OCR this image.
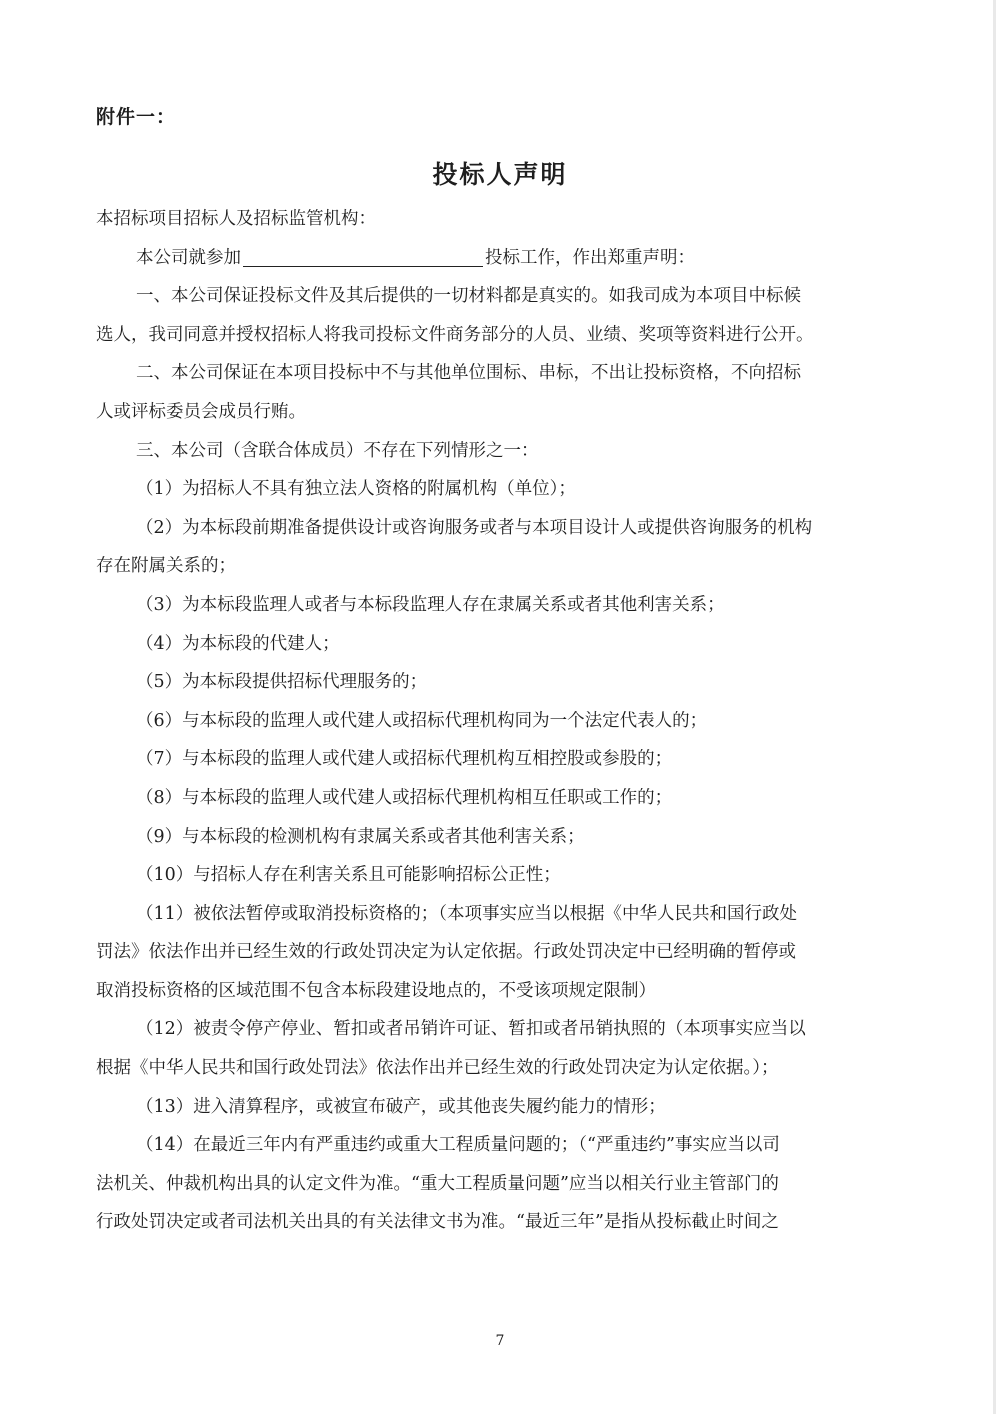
附件一：
投标人声明

本招标项目招标人及招标监管机构：

本公司就参加	投标工作，作出郑重声明：

一、本公司保证投标文件及其后提供的一切材料都是真实的。如我司成为本项目中标候

选人，我司同意并授权招标人将我司投标文件商务部分的人员、业绩、奖项等资料进行公开。

二、本公司保证在本项目投标中不与其他单位围标、串标，不出让投标资格，不向招标

人或评标委员会成员行贿。

三、本公司（含联合体成员）不存在下列情形之一：

（1）为招标人不具有独立法人资格的附属机构（单位）；

（2）为本标段前期准备提供设计或咨询服务或者与本项目设计人或提供咨询服务的机构

存在附属关系的；

（3）为本标段监理人或者与本标段监理人存在隶属关系或者其他利害关系；

（4）为本标段的代建人；

（5）为本标段提供招标代理服务的；

（6）与本标段的监理人或代建人或招标代理机构同为一个法定代表人的；

（7）与本标段的监理人或代建人或招标代理机构互相控股或参股的；

（8）与本标段的监理人或代建人或招标代理机构相互任职或工作的；

（9）与本标段的检测机构有隶属关系或者其他利害关系；

（10）与招标人存在利害关系且可能影响招标公正性；

（11）被依法暂停或取消投标资格的；（本项事实应当以根据《中华人民共和国行政处

罚法》依法作出并已经生效的行政处罚决定为认定依据。行政处罚决定中已经明确的暂停或

取消投标资格的区域范围不包含本标段建设地点的，不受该项规定限制）

（12）被责令停产停业、暂扣或者吊销许可证、暂扣或者吊销执照的（本项事实应当以

根据《中华人民共和国行政处罚法》依法作出并已经生效的行政处罚决定为认定依据。）；

（13）进入清算程序，或被宣布破产，或其他丧失履约能力的情形；

（14）在最近三年内有严重违约或重大工程质量问题的；（“严重违约”事实应当以司

法机关、仲裁机构出具的认定文件为准。“重大工程质量问题”应当以相关行业主管部门的

行政处罚决定或者司法机关出具的有关法律文书为准。“最近三年”是指从投标截止时间之

7
